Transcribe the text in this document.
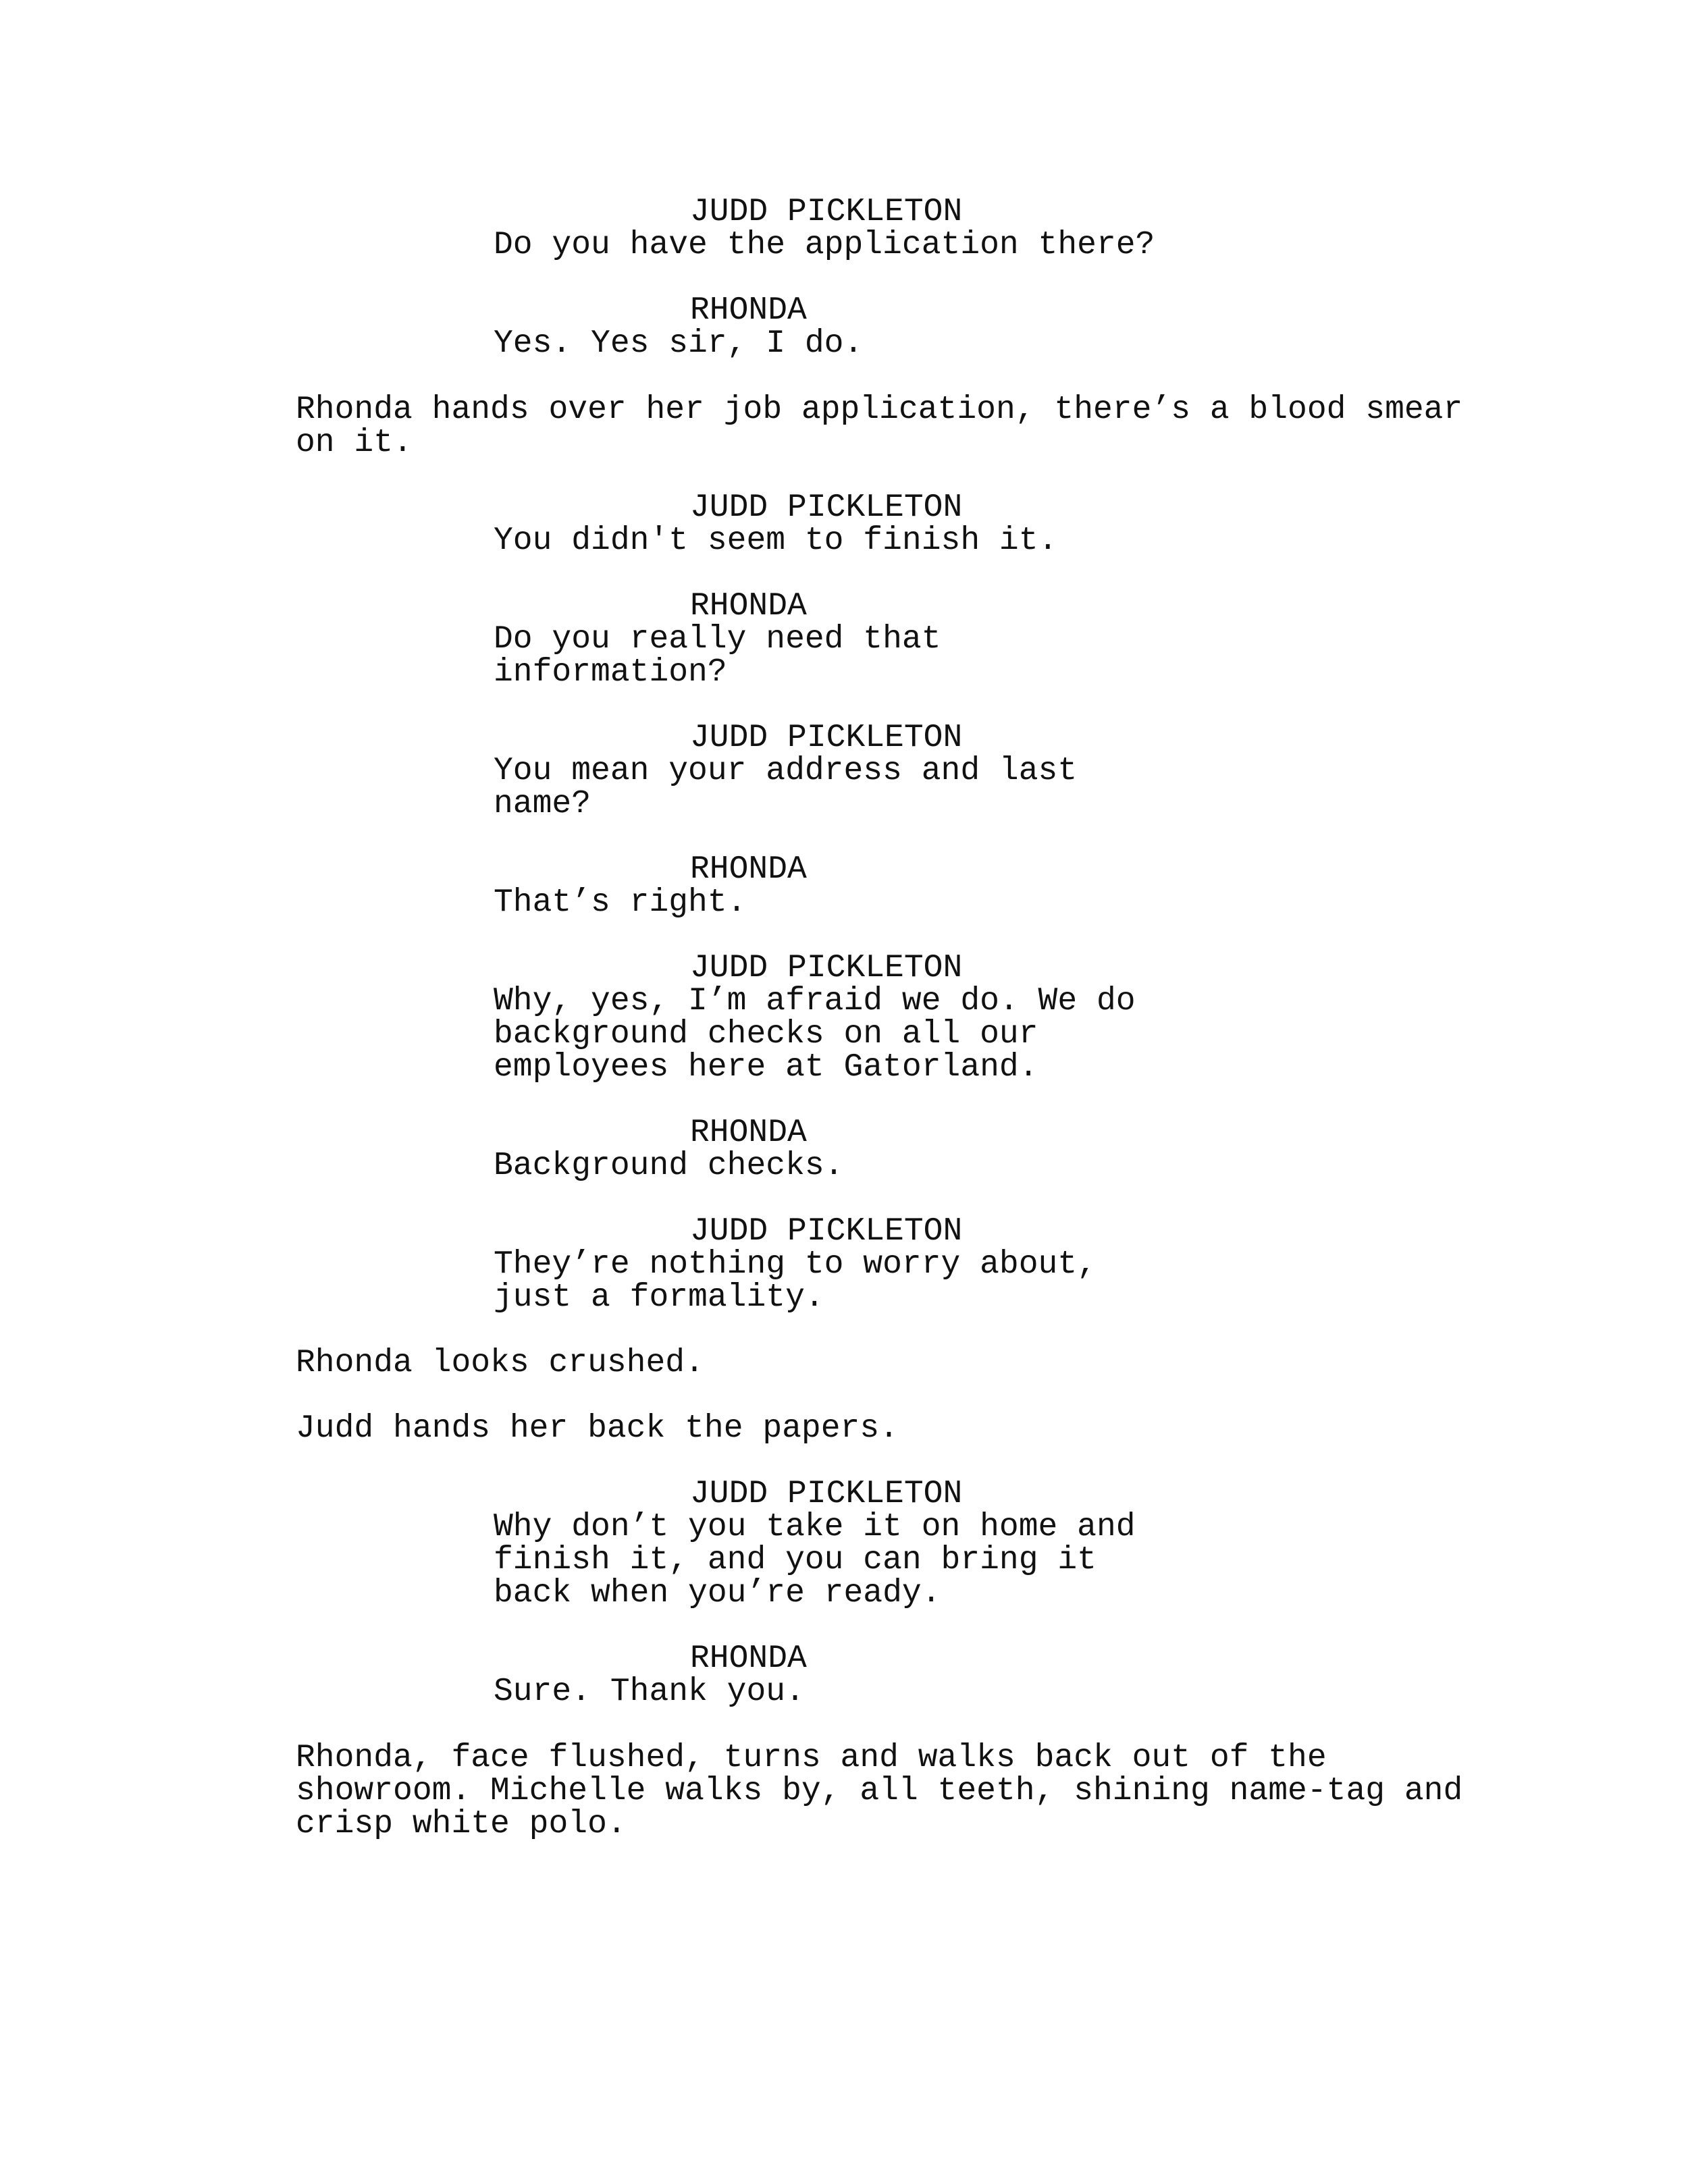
JUDD PICKLETON

Do you have the application there?

RHONDA

Yes. Yes sir, I do.

Rhonda hands over her job application, there’s a blood smear

on it.

JUDD PICKLETON

You didn't seem to finish it.

RHONDA

Do you really need that

information?

JUDD PICKLETON

You mean your address and last

name?

RHONDA

That’s right.

JUDD PICKLETON

Why, yes, I’m afraid we do. We do

background checks on all our

employees here at Gatorland.

RHONDA

Background checks.

JUDD PICKLETON

They’re nothing to worry about,

just a formality.

Rhonda looks crushed.

Judd hands her back the papers.

JUDD PICKLETON

Why don’t you take it on home and

finish it, and you can bring it

back when you’re ready.

RHONDA

Sure. Thank you.

Rhonda, face flushed, turns and walks back out of the

showroom. Michelle walks by, all teeth, shining name-tag and

crisp white polo.
